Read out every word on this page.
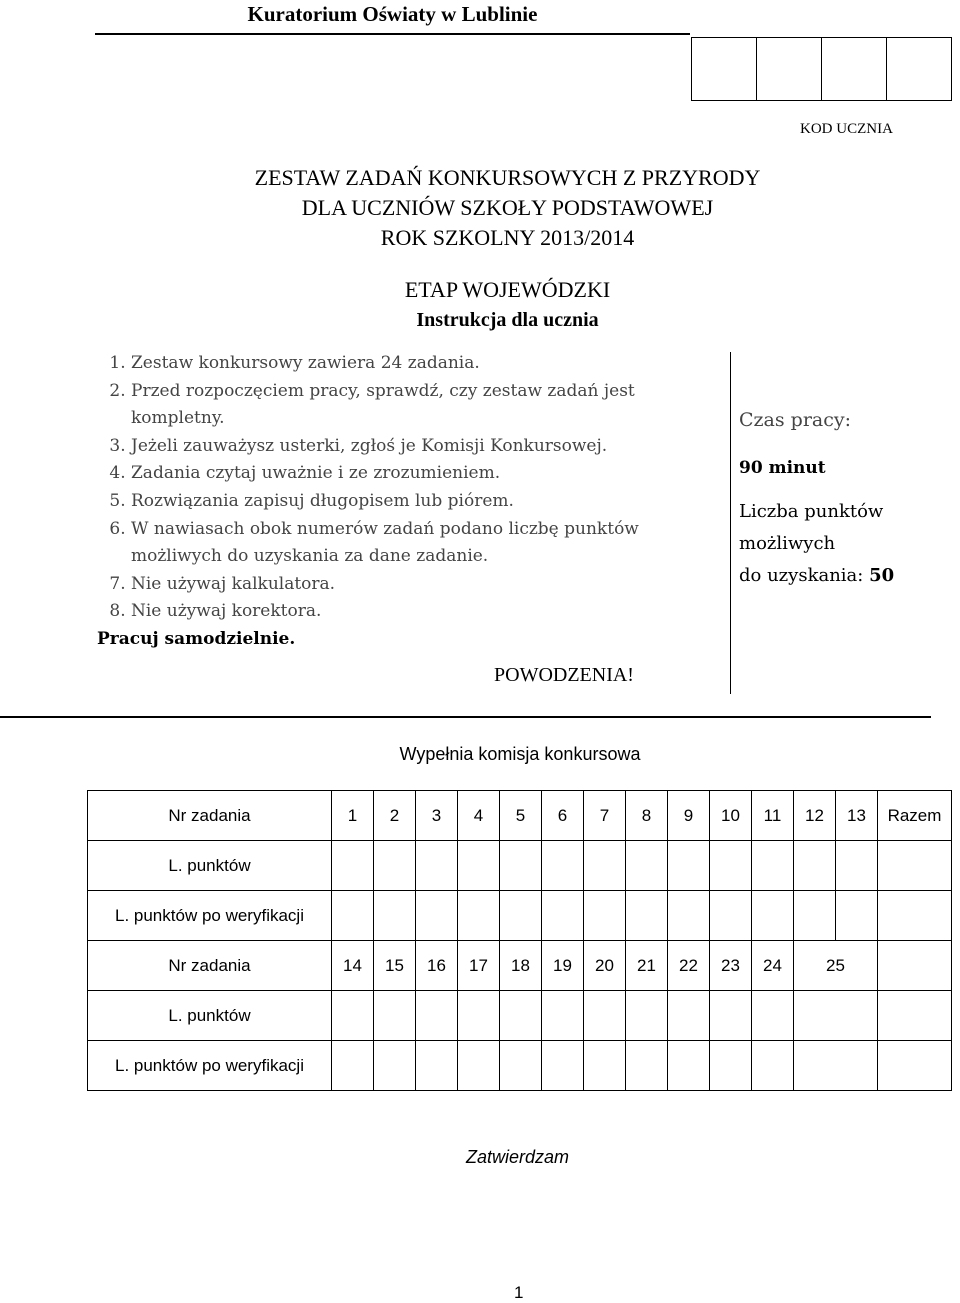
Kuratorium Oświaty w Lublinie
KOD UCZNIA
ZESTAW ZADAŃ KONKURSOWYCH Z PRZYRODY
DLA UCZNIÓW SZKOŁY PODSTAWOWEJ
ROK SZKOLNY 2013/2014
ETAP WOJEWÓDZKI
Instrukcja dla ucznia
1. Zestaw konkursowy zawiera 24 zadania.
2. Przed rozpoczęciem pracy, sprawdź, czy zestaw zadań jest kompletny.
3. Jeżeli zauważysz usterki, zgłoś je Komisji Konkursowej.
4. Zadania czytaj uważnie i ze zrozumieniem.
5. Rozwiązania zapisuj długopisem lub piórem.
6. W nawiasach obok numerów zadań podano liczbę punktów możliwych do uzyskania za dane zadanie.
7. Nie używaj kalkulatora.
8. Nie używaj korektora.
Pracuj samodzielnie.
POWODZENIA!
Czas pracy:
90 minut
Liczba punktów
możliwych
do uzyskania: 50
Wypełnia komisja konkursowa
Nr zadania	1	2	3	4	5	6	7	8	9	10	11	12	13	Razem
L. punktów														
L. punktów po weryfikacji														
Nr zadania	14	15	16	17	18	19	20	21	22	23	24	25		
L. punktów														
L. punktów po weryfikacji														
Zatwierdzam
1
